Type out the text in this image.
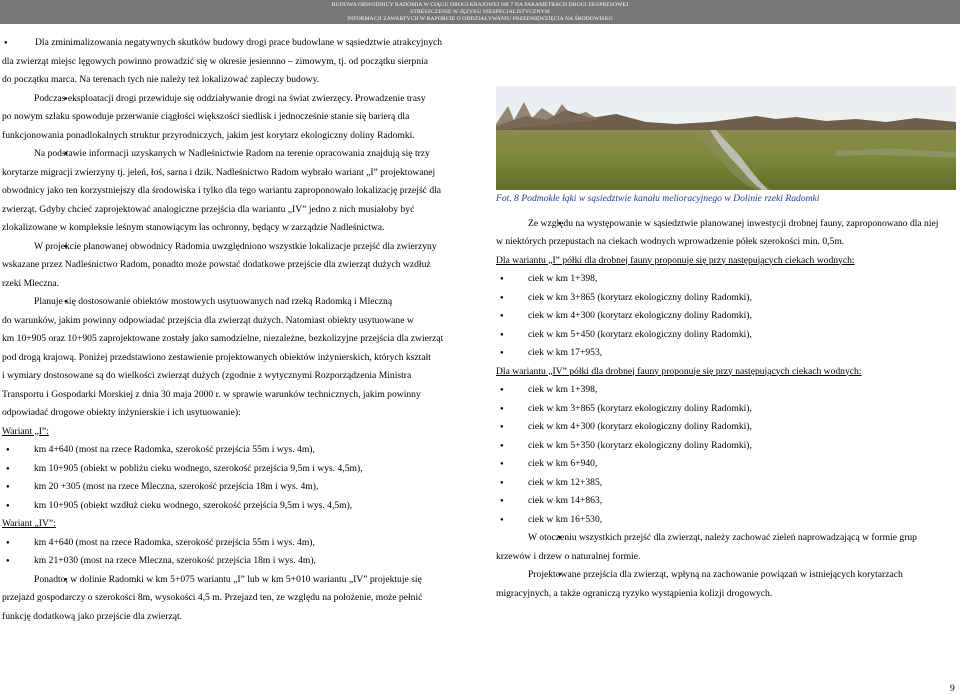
BUDOWA OBWODNICY RADOMIA W CIĄGU DROGI KRAJOWEJ NR 7 NA PARAMETRACH DROGI EKSPRESOWEJ
STRESZCZENIE W JĘZYKU NIESPECJALISTYCZNYM
INFORMACJI ZAWARTYCH W RAPORCIE O ODDZIAŁYWANIU PRZEDSIĘWZIĘCIA NA ŚRODOWISKO

● Dla zminimalizowania negatywnych skutków budowy drogi prace budowlane w sąsiedztwie atrakcyjnych

dla zwierząt miejsc lęgowych powinno prowadzić się w okresie jesiennno – zimowym, tj. od początku sierpnia

do początku marca. Na terenach tych nie należy też lokalizować zapleczy budowy.

● Podczas eksploatacji drogi przewiduje się oddziaływanie drogi na świat zwierzęcy. Prowadzenie trasy

po nowym szlaku spowoduje przerwanie ciągłości większości siedlisk i jednocześnie stanie się barierą dla

funkcjonowania ponadlokalnych struktur przyrodniczych, jakim jest korytarz ekologiczny doliny Radomki.

● Na podstawie informacji uzyskanych w Nadleśnictwie Radom na terenie opracowania znajdują się trzy

korytarze migracji zwierzyny tj. jeleń, łoś, sarna i dzik. Nadleśnictwo Radom wybrało wariant „I” projektowanej

obwodnicy jako ten korzystniejszy dla środowiska i tylko dla tego wariantu zaproponowało lokalizację przejść dla

zwierząt. Gdyby chcieć zaprojektować analogiczne przejścia dla wariantu „IV” jedno z nich musiałoby być

zlokalizowane w kompleksie leśnym stanowiącym las ochronny, będący w zarządzie Nadleśnictwa.

● W projekcie planowanej obwodnicy Radomia uwzględniono wszystkie lokalizacje przejść dla zwierzyny

wskazane przez Nadleśnictwo Radom, ponadto może powstać dodatkowe przejście dla zwierząt dużych wzdłuż

rzeki Mleczna.

● Planuje się dostosowanie obiektów mostowych usytuowanych nad rzeką Radomką i Mleczną

do warunków, jakim powinny odpowiadać przejścia dla zwierząt dużych. Natomiast obiekty usytuowane w

km 10+905 oraz 10+905 zaprojektowane zostały jako samodzielne, niezależne, bezkolizyjne przejścia dla zwierząt

pod drogą krajową. Poniżej przedstawiono zestawienie projektowanych obiektów inżynierskich, których kształt

i wymiary dostosowane są do wielkości zwierząt dużych (zgodnie z wytycznymi Rozporządzenia Ministra

Transportu i Gospodarki Morskiej z dnia 30 maja 2000 r. w sprawie warunków technicznych, jakim powinny

odpowiadać drogowe obiekty inżynierskie i ich usytuowanie):

Wariant „I”:

● km 4+640 (most na rzece Radomka, szerokość przejścia 55m i wys. 4m),

● km 10+905 (obiekt w pobliżu cieku wodnego, szerokość przejścia 9,5m i wys. 4,5m),

● km 20 +305 (most na rzece Mleczna, szerokość przejścia 18m i wys. 4m),

● km 10+905 (obiekt wzdłuż cieku wodnego, szerokość przejścia 9,5m i wys. 4,5m),

Wariant „IV”:

● km 4+640 (most na rzece Radomka, szerokość przejścia 55m i wys. 4m),

● km 21+030 (most na rzece Mleczna, szerokość przejścia 18m i wys. 4m),

● Ponadto, w dolinie Radomki w km 5+075 wariantu „I” lub w km 5+010 wariantu „IV” projektuje się

przejazd gospodarczy o szerokości 8m, wysokości 4,5 m. Przejazd ten, ze względu na położenie, może pełnić

funkcję dodatkową jako przejście dla zwierząt.

Fot. 8 Podmokłe łąki w sąsiedztwie kanału melioracyjnego w Dolinie rzeki Radomki

● Ze względu na występowanie w sąsiedztwie planowanej inwestycji drobnej fauny, zaproponowano dla niej

w niektórych przepustach na ciekach wodnych wprowadzenie półek szerokości min. 0,5m.

Dla wariantu „I” półki dla drobnej fauny proponuje się przy następujących ciekach wodnych:

● ciek w km 1+398,

● ciek w km 3+865 (korytarz ekologiczny doliny Radomki),

● ciek w km 4+300 (korytarz ekologiczny doliny Radomki),

● ciek w km 5+450 (korytarz ekologiczny doliny Radomki),

● ciek w km 17+953,

Dla wariantu „IV” półki dla drobnej fauny proponuje się przy następujących ciekach wodnych:

● ciek w km 1+398,

● ciek w km 3+865 (korytarz ekologiczny doliny Radomki),

● ciek w km 4+300 (korytarz ekologiczny doliny Radomki),

● ciek w km 5+350 (korytarz ekologiczny doliny Radomki),

● ciek w km 6+940,

● ciek w km 12+385,

● ciek w km 14+863,

● ciek w km 16+530,

● W otoczeniu wszystkich przejść dla zwierząt, należy zachować zieleń naprowadzającą w formie grup

krzewów i drzew o naturalnej formie.

● Projektowane przejścia dla zwierząt, wpłyną na zachowanie powiązań w istniejących korytarzach

migracyjnych, a także ograniczą ryzyko wystąpienia kolizji drogowych.

9
